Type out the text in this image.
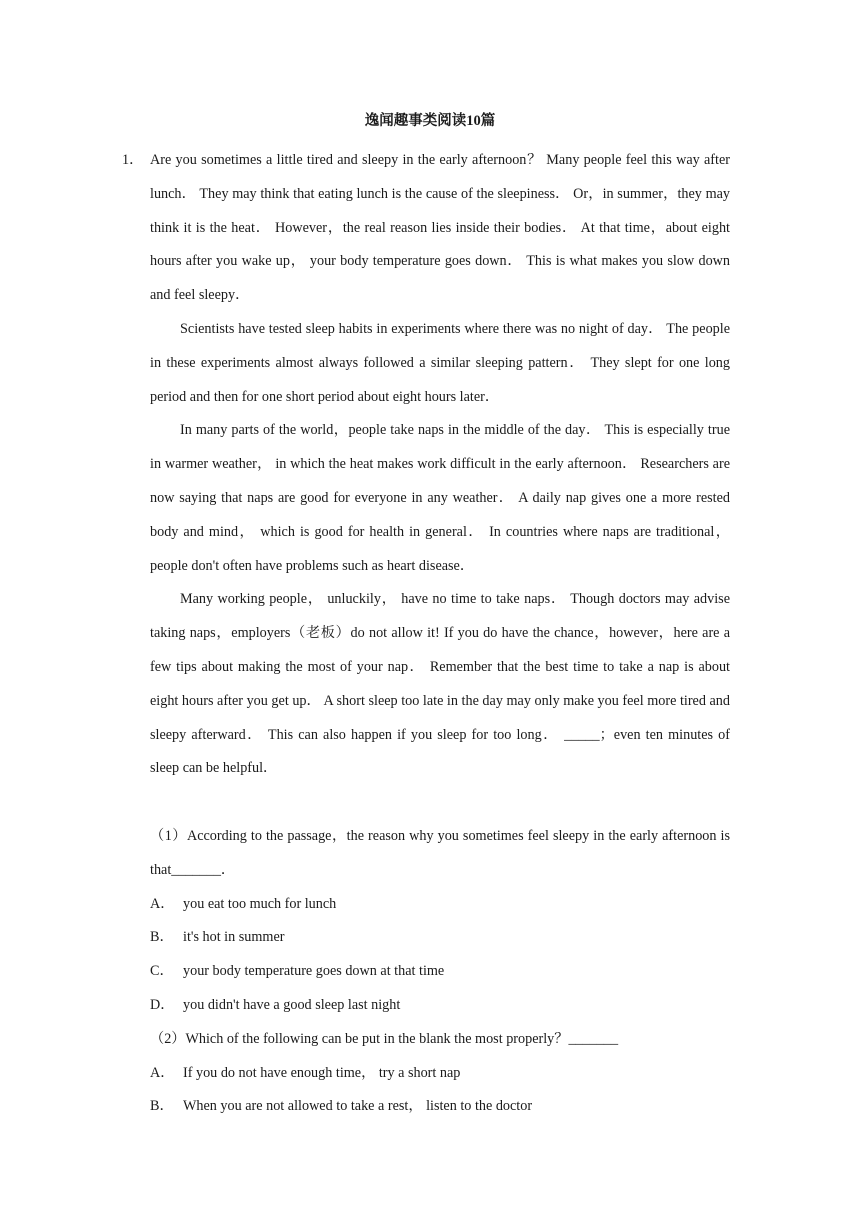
逸闻趣事类阅读10篇
1． Are you sometimes a little tired and sleepy in the early afternoon？ Many people feel this way after lunch． They may think that eating lunch is the cause of the sleepiness． Or，in summer，they may think it is the heat． However，the real reason lies inside their bodies． At that time，about eight hours after you wake up， your body temperature goes down． This is what makes you slow down and feel sleepy．

Scientists have tested sleep habits in experiments where there was no night of day． The people in these experiments almost always followed a similar sleeping pattern． They slept for one long period and then for one short period about eight hours later．

In many parts of the world，people take naps in the middle of the day． This is especially true in warmer weather， in which the heat makes work difficult in the early afternoon． Researchers are now saying that naps are good for everyone in any weather． A daily nap gives one a more rested body and mind， which is good for health in general． In countries where naps are traditional， people don't often have problems such as heart disease．

Many working people， unluckily， have no time to take naps． Though doctors may advise taking naps，employers（老板）do not allow it! If you do have the chance，however，here are a few tips about making the most of your nap． Remember that the best time to take a nap is about eight hours after you get up． A short sleep too late in the day may only make you feel more tired and sleepy afterward． This can also happen if you sleep for too long． _____；even ten minutes of sleep can be helpful．

（1）According to the passage，the reason why you sometimes feel sleepy in the early afternoon is that_______．

A． you eat too much for lunch

B． it's hot in summer

C． your body temperature goes down at that time

D． you didn't have a good sleep last night

（2）Which of the following can be put in the blank the most properly？_______

A． If you do not have enough time， try a short nap

B． When you are not allowed to take a rest， listen to the doctor
